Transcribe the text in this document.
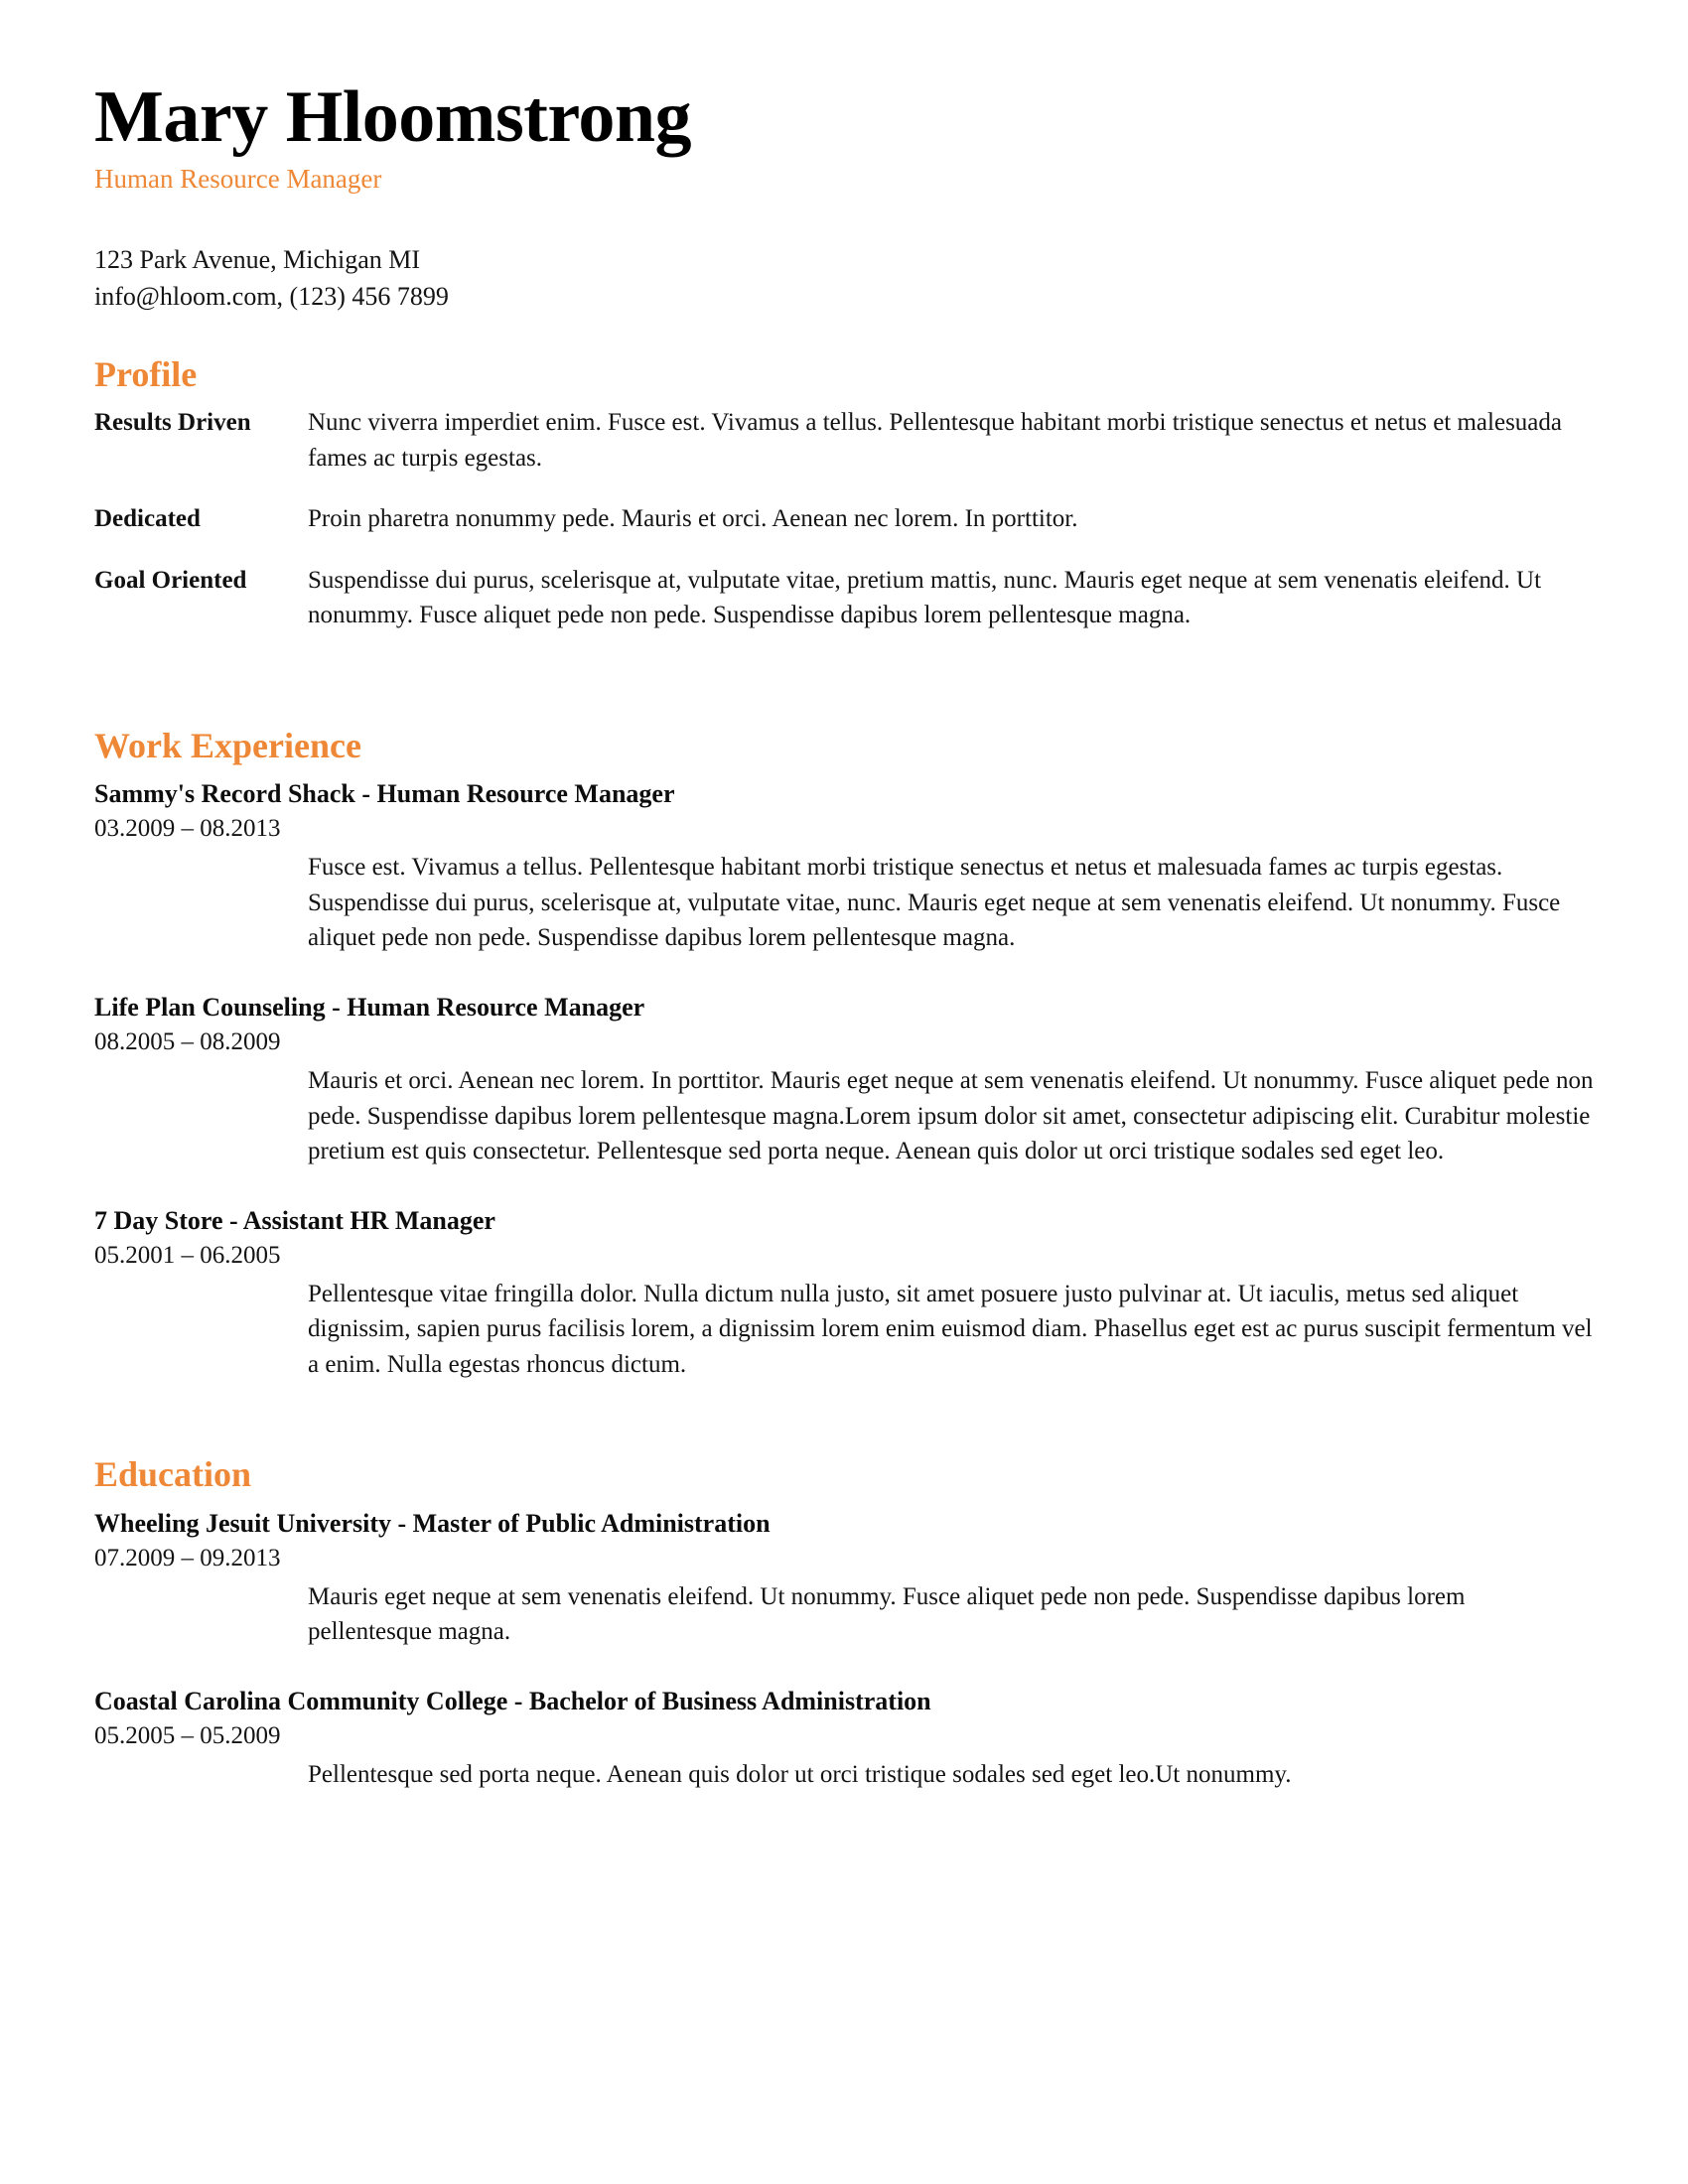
Mary Hloomstrong
Human Resource Manager
123 Park Avenue, Michigan MI
info@hloom.com, (123) 456 7899
Profile
Results Driven	Nunc viverra imperdiet enim. Fusce est. Vivamus a tellus. Pellentesque habitant morbi tristique senectus et netus et malesuada fames ac turpis egestas.
Dedicated	Proin pharetra nonummy pede. Mauris et orci. Aenean nec lorem. In porttitor.
Goal Oriented	Suspendisse dui purus, scelerisque at, vulputate vitae, pretium mattis, nunc. Mauris eget neque at sem venenatis eleifend. Ut nonummy. Fusce aliquet pede non pede. Suspendisse dapibus lorem pellentesque magna.
Work Experience
Sammy's Record Shack - Human Resource Manager
03.2009 – 08.2013
Fusce est. Vivamus a tellus. Pellentesque habitant morbi tristique senectus et netus et malesuada fames ac turpis egestas. Suspendisse dui purus, scelerisque at, vulputate vitae, nunc. Mauris eget neque at sem venenatis eleifend. Ut nonummy. Fusce aliquet pede non pede. Suspendisse dapibus lorem pellentesque magna.
Life Plan Counseling - Human Resource Manager
08.2005 – 08.2009
Mauris et orci. Aenean nec lorem. In porttitor. Mauris eget neque at sem venenatis eleifend. Ut nonummy. Fusce aliquet pede non pede. Suspendisse dapibus lorem pellentesque magna.Lorem ipsum dolor sit amet, consectetur adipiscing elit. Curabitur molestie pretium est quis consectetur. Pellentesque sed porta neque. Aenean quis dolor ut orci tristique sodales sed eget leo.
7 Day Store - Assistant HR Manager
05.2001 – 06.2005
Pellentesque vitae fringilla dolor. Nulla dictum nulla justo, sit amet posuere justo pulvinar at. Ut iaculis, metus sed aliquet dignissim, sapien purus facilisis lorem, a dignissim lorem enim euismod diam. Phasellus eget est ac purus suscipit fermentum vel a enim. Nulla egestas rhoncus dictum.
Education
Wheeling Jesuit University - Master of Public Administration
07.2009 – 09.2013
Mauris eget neque at sem venenatis eleifend. Ut nonummy. Fusce aliquet pede non pede. Suspendisse dapibus lorem pellentesque magna.
Coastal Carolina Community College - Bachelor of Business Administration
05.2005 – 05.2009
Pellentesque sed porta neque. Aenean quis dolor ut orci tristique sodales sed eget leo.Ut nonummy.
